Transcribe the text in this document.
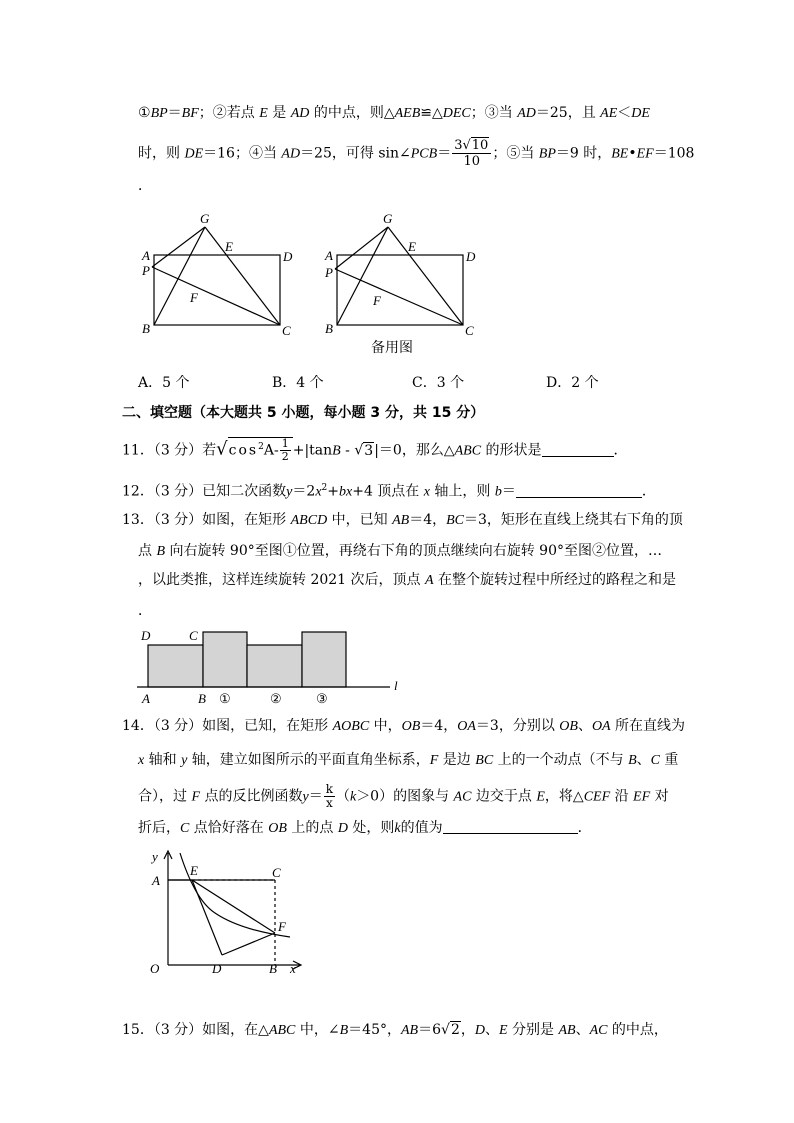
①BP＝BF；②若点 E 是 AD 的中点，则△AEB≌△DEC；③当 AD＝25，且 AE＜DE
时，则 DE＝16；④当 AD＝25，可得 sin∠PCB＝ $\frac{3√10}{10}$ ；⑤当 BP＝9 时，BE•EF＝108
．
G
A
E
D
P
F
B	C
G
A
E
D
P
F
B	C
备用图
A．5 个	B．4 个	C．3 个	D．2 个
二、填空题（本大题共 5 小题，每小题 3 分，共 15 分）
11．（3 分）若$√\cos^2A- \frac{1}{2} +|\tan B - √3|=0$，那么△ABC 的形状是	．
12．（3 分）已知二次函数$y=2x^2+bx+4$ 顶点在 x 轴上，则 b＝	．
13．（3 分）如图，在矩形 ABCD 中，已知 AB＝4，BC＝3，矩形在直线上绕其右下角的顶
点 B 向右旋转 90°至图①位置，再绕右下角的顶点继续向右旋转 90°至图②位置，…
，以此类推，这样连续旋转 2021 次后，顶点 A 在整个旋转过程中所经过的路程之和是
．
D	C
A	B
l
①	②	③
14．（3 分）如图，已知，在矩形 AOBC 中，OB＝4，OA＝3，分别以 OB、OA 所在直线为
x 轴和 y 轴，建立如图所示的平面直角坐标系，F 是边 BC 上的一个动点（不与 B、C 重
合），过 F 点的反比例函数$y= \frac{k}{x} (k>0)$的图象与 AC 边交于点 E，将△CEF 沿 EF 对
折后，C 点恰好落在 OB 上的点 D 处，则k的值为	．
y
A
E	C
F
O	D	B x
15．（3 分）如图，在△ABC 中，∠B＝45°，AB＝6√2，D、E 分别是 AB、AC 的中点，
